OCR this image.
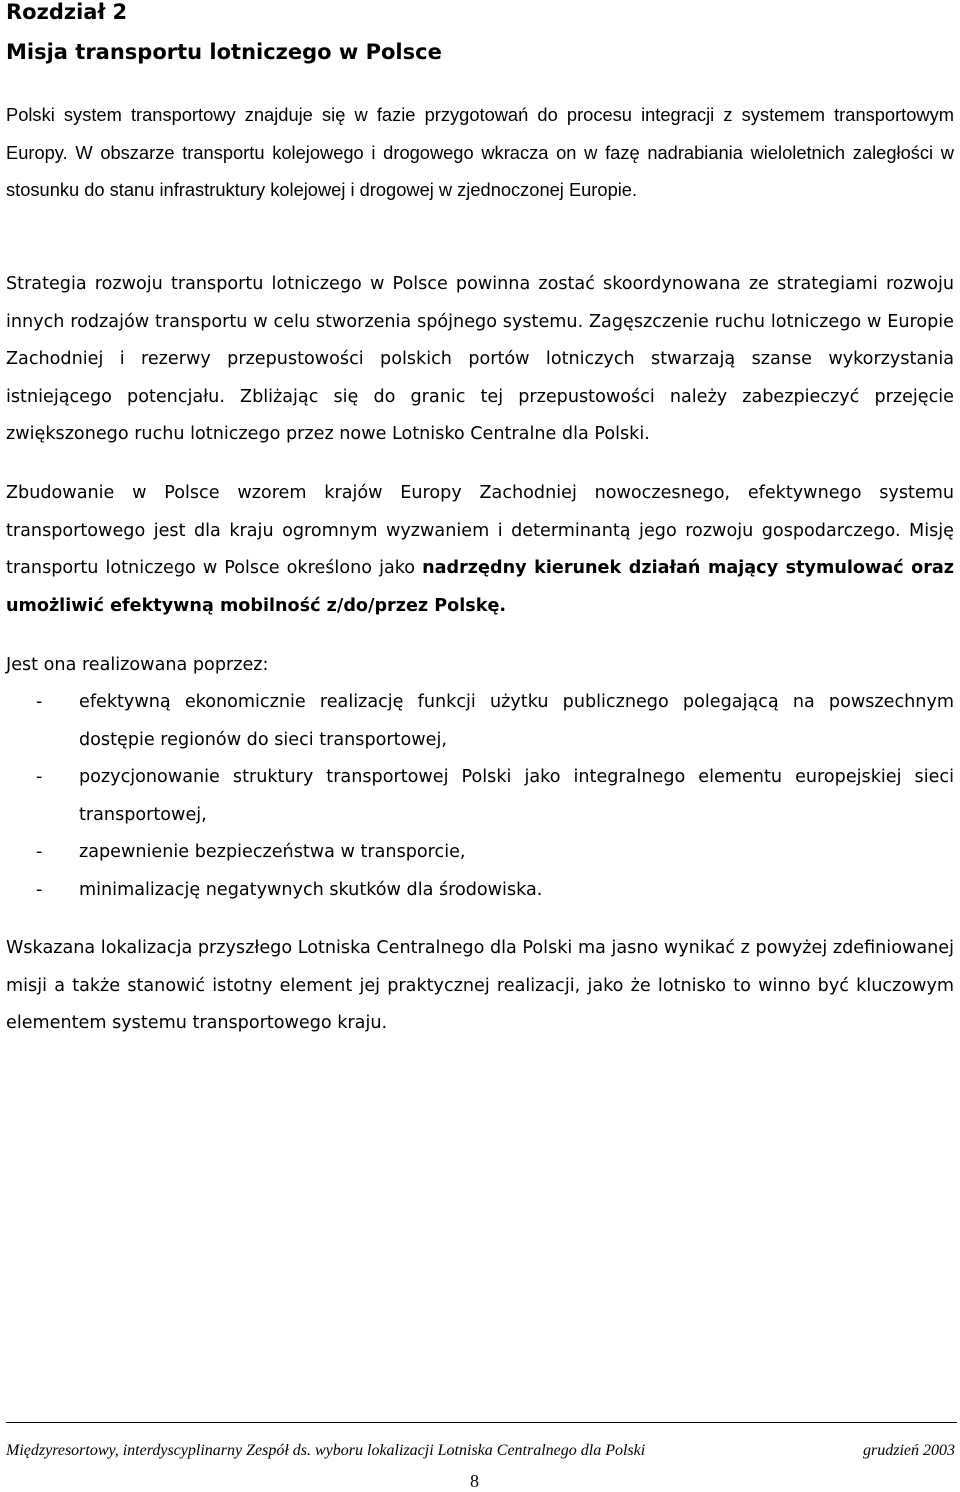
Rozdział 2
Misja transportu lotniczego w Polsce

Polski system transportowy znajduje się w fazie przygotowań do procesu integracji z systemem transportowym Europy. W obszarze transportu kolejowego i drogowego wkracza on w fazę nadrabiania wieloletnich zaległości w stosunku do stanu infrastruktury kolejowej i drogowej w zjednoczonej Europie.

Strategia rozwoju transportu lotniczego w Polsce powinna zostać skoordynowana ze strategiami rozwoju innych rodzajów transportu w celu stworzenia spójnego systemu. Zagęszczenie ruchu lotniczego w Europie Zachodniej i rezerwy przepustowości polskich portów lotniczych stwarzają szanse wykorzystania istniejącego potencjału. Zbliżając się do granic tej przepustowości należy zabezpieczyć przejęcie zwiększonego ruchu lotniczego przez nowe Lotnisko Centralne dla Polski.

Zbudowanie w Polsce wzorem krajów Europy Zachodniej nowoczesnego, efektywnego systemu transportowego jest dla kraju ogromnym wyzwaniem i determinantą jego rozwoju gospodarczego. Misję transportu lotniczego w Polsce określono jako nadrzędny kierunek działań mający stymulować oraz umożliwić efektywną mobilność z/do/przez Polskę.

Jest ona realizowana poprzez:

- efektywną ekonomicznie realizację funkcji użytku publicznego polegającą na powszechnym dostępie regionów do sieci transportowej,
- pozycjonowanie struktury transportowej Polski jako integralnego elementu europejskiej sieci transportowej,
- zapewnienie bezpieczeństwa w transporcie,
- minimalizację negatywnych skutków dla środowiska.

Wskazana lokalizacja przyszłego Lotniska Centralnego dla Polski ma jasno wynikać z powyżej zdefiniowanej misji a także stanowić istotny element jej praktycznej realizacji, jako że lotnisko to winno być kluczowym elementem systemu transportowego kraju.

Międzyresortowy, interdyscyplinarny Zespół ds. wyboru lokalizacji Lotniska Centralnego dla Polski	grudzień 2003

8
